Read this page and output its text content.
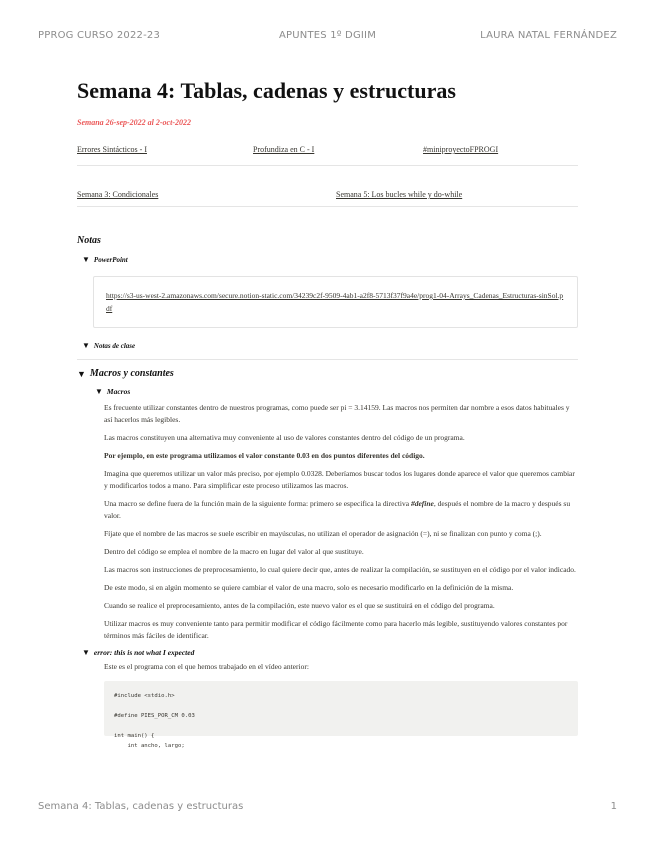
PPROG CURSO 2022-23	APUNTES 1º DGIIM	LAURA NATAL FERNÁNDEZ
Semana 4: Tablas, cadenas y estructuras
Semana 26-sep-2022 al 2-oct-2022
Errores Sintácticos - I	Profundiza en C - I	#miniproyectoFPROGI
Semana 3: Condicionales	Semana 5: Los bucles while y do-while
Notas
▼ PowerPoint
https://s3-us-west-2.amazonaws.com/secure.notion-static.com/34239c2f-9509-4ab1-a2f8-5713f37f9a4e/prog1-04-Arrays_Cadenas_Estructuras-sinSol.pdf
▼ Notas de clase
▼ Macros y constantes
▼ Macros

Es frecuente utilizar constantes dentro de nuestros programas, como puede ser pi = 3.14159. Las macros nos permiten dar nombre a esos datos habituales y así hacerlos más legibles.

Las macros constituyen una alternativa muy conveniente al uso de valores constantes dentro del código de un programa.

Por ejemplo, en este programa utilizamos el valor constante 0.03 en dos puntos diferentes del código.

Imagina que queremos utilizar un valor más preciso, por ejemplo 0.0328. Deberíamos buscar todos los lugares donde aparece el valor que queremos cambiar y modificarlos todos a mano. Para simplificar este proceso utilizamos las macros.

Una macro se define fuera de la función main de la siguiente forma: primero se especifica la directiva #define, después el nombre de la macro y después su valor.

Fíjate que el nombre de las macros se suele escribir en mayúsculas, no utilizan el operador de asignación (=), ni se finalizan con punto y coma (;).

Dentro del código se emplea el nombre de la macro en lugar del valor al que sustituye.

Las macros son instrucciones de preprocesamiento, lo cual quiere decir que, antes de realizar la compilación, se sustituyen en el código por el valor indicado.

De este modo, si en algún momento se quiere cambiar el valor de una macro, solo es necesario modificarlo en la definición de la misma.

Cuando se realice el preprocesamiento, antes de la compilación, este nuevo valor es el que se sustituirá en el código del programa.

Utilizar macros es muy conveniente tanto para permitir modificar el código fácilmente como para hacerlo más legible, sustituyendo valores constantes por términos más fáciles de identificar.

▼ error: this is not what I expected
Este es el programa con el que hemos trabajado en el vídeo anterior:
#include <stdio.h>

#define PIES_POR_CM 0.03

int main() {
int ancho, largo;
Semana 4: Tablas, cadenas y estructuras	1
